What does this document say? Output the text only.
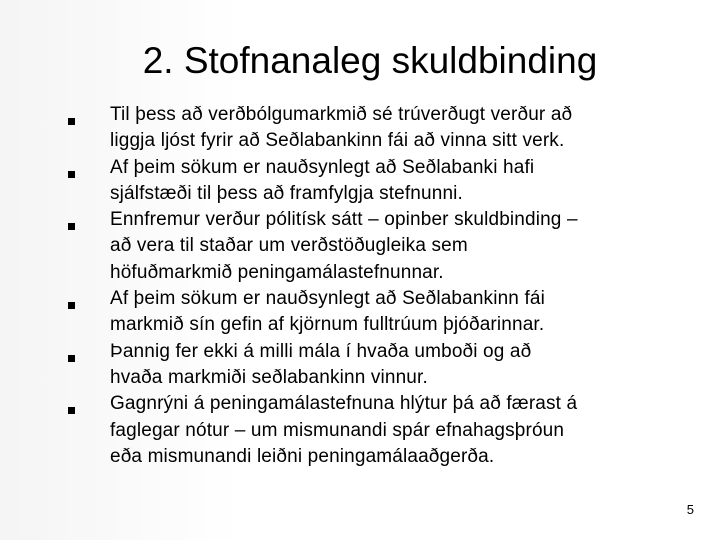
2. Stofnanaleg skuldbinding
Til þess að verðbólgumarkmið sé trúverðugt verður að
liggja ljóst fyrir að Seðlabankinn fái að vinna sitt verk.
Af þeim sökum er nauðsynlegt að Seðlabanki hafi
sjálfstæði til þess að framfylgja stefnunni.
Ennfremur verður pólitísk sátt – opinber skuldbinding –
að vera til staðar um verðstöðugleika sem
höfuðmarkmið peningamálastefnunnar.
Af þeim sökum er nauðsynlegt að Seðlabankinn fái
markmið sín gefin af kjörnum fulltrúum þjóðarinnar.
Þannig fer ekki á milli mála í hvaða umboði og að
hvaða markmiði seðlabankinn vinnur.
Gagnrýni á peningamálastefnuna hlýtur þá að færast á
faglegar nótur – um mismunandi spár efnahagsþróun
eða mismunandi leiðni peningamálaaðgerða.
5
